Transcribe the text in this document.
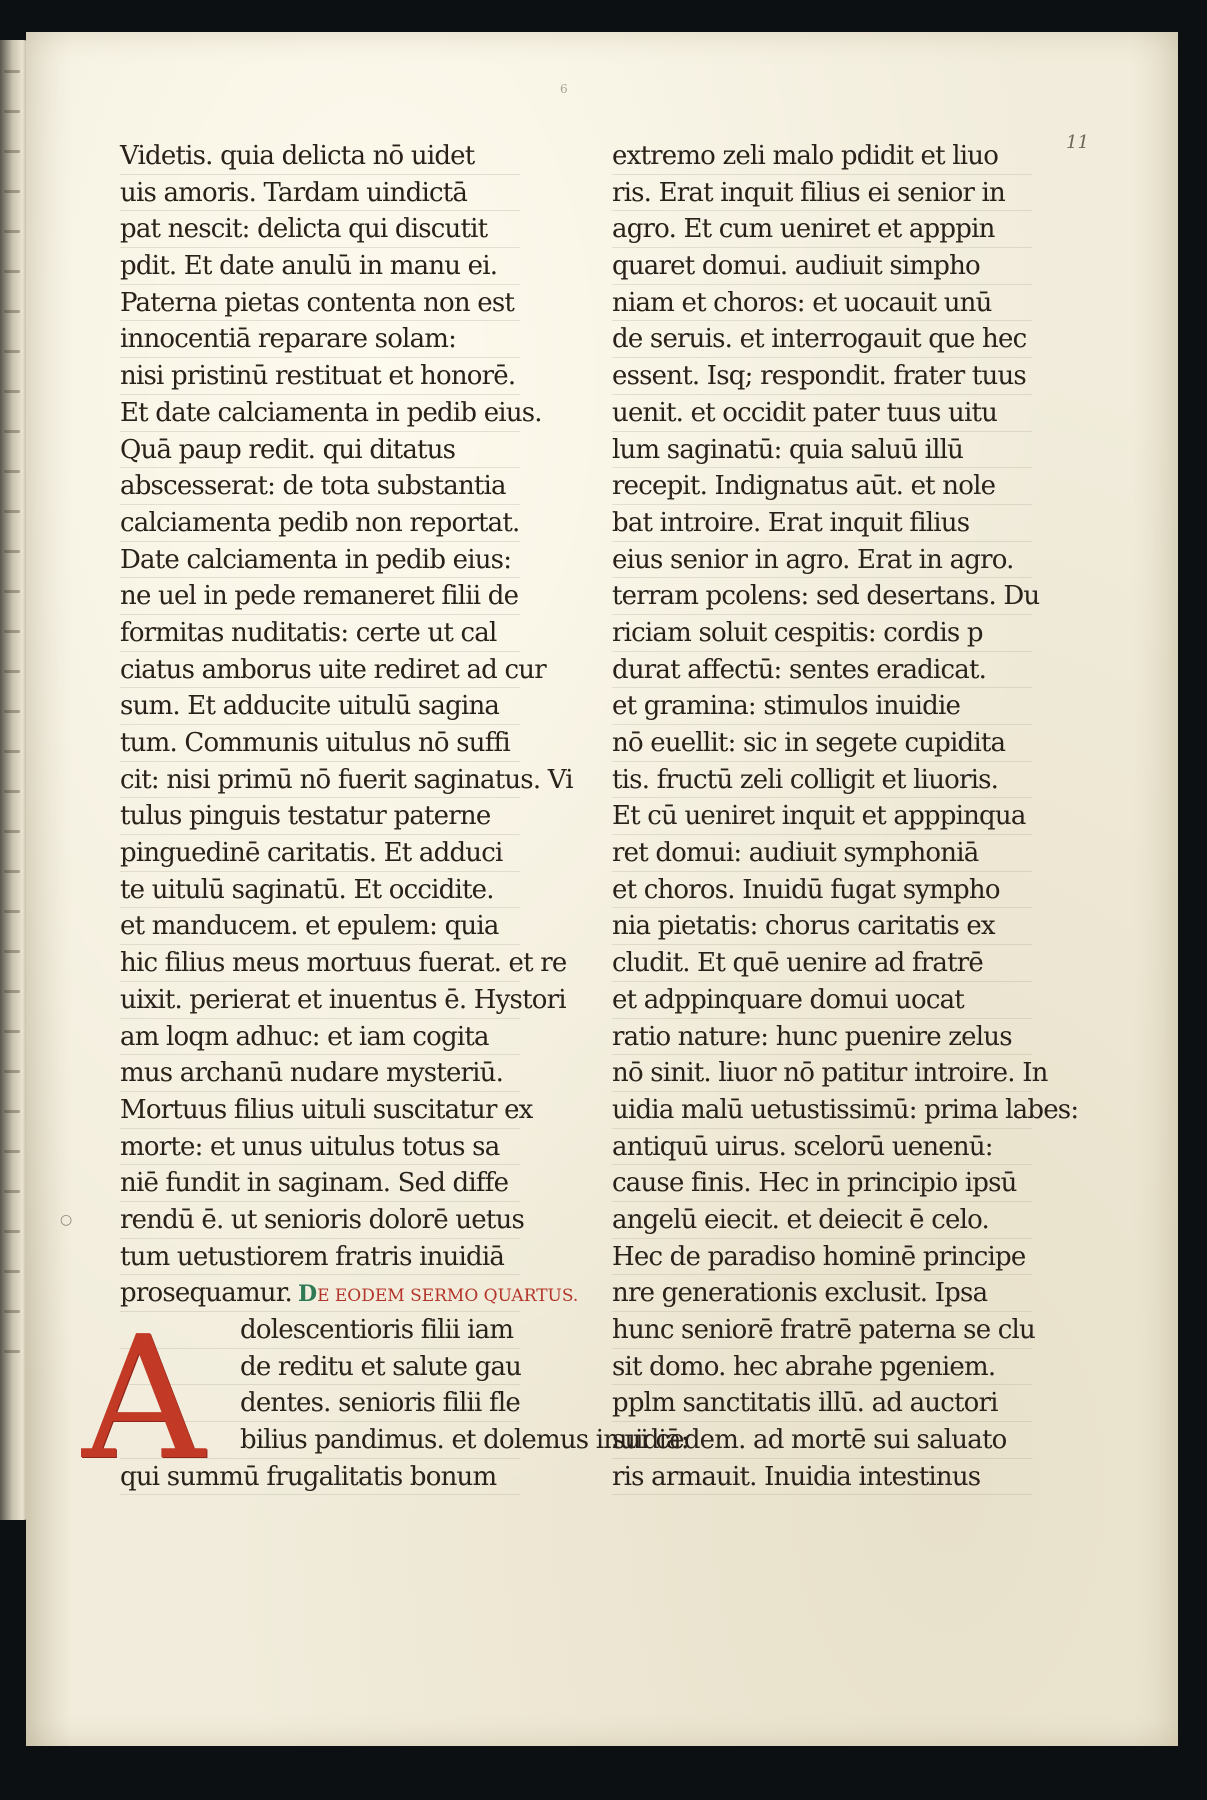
6
11
○
Videtis. quia delicta nō uidet
uis amoris. Tardam uindictā
pat nescit: delicta qui discutit
pdit. Et date anulū in manu ei.
Paterna pietas contenta non est
innocentiā reparare solam:
nisi pristinū restituat et honorē.
Et date calciamenta in pedib eius.
Quā paup redit. qui ditatus
abscesserat: de tota substantia
calciamenta pedib non reportat.
Date calciamenta in pedib eius:
ne uel in pede remaneret filii de
formitas nuditatis: certe ut cal
ciatus amborus uite rediret ad cur
sum. Et adducite uitulū sagina
tum. Communis uitulus nō suffi
cit: nisi primū nō fuerit saginatus. Vi
tulus pinguis testatur paterne
pinguedinē caritatis. Et adduci
te uitulū saginatū. Et occidite.
et manducem. et epulem: quia
hic filius meus mortuus fuerat. et re
uixit. perierat et inuentus ē. Hystori
am loqm adhuc: et iam cogita
mus archanū nudare mysteriū.
Mortuus filius uituli suscitatur ex
morte: et unus uitulus totus sa
niē fundit in saginam. Sed diffe
rendū ē. ut senioris dolorē uetus
tum uetustiorem fratris inuidiā
prosequamur. DE EODEM SERMO QUARTUS.
dolescentioris filii iam
de reditu et salute gau
dentes. senioris filii fle
bilius pandimus. et dolemus inuidiā:
qui summū frugalitatis bonum
A
extremo zeli malo pdidit et liuo
ris. Erat inquit filius ei senior in
agro. Et cum ueniret et apppin
quaret domui. audiuit simpho
niam et choros: et uocauit unū
de seruis. et interrogauit que hec
essent. Isq; respondit. frater tuus
uenit. et occidit pater tuus uitu
lum saginatū: quia saluū illū
recepit. Indignatus aūt. et nole
bat introire. Erat inquit filius
eius senior in agro. Erat in agro.
terram pcolens: sed desertans. Du
riciam soluit cespitis: cordis p
durat affectū: sentes eradicat.
et gramina: stimulos inuidie
nō euellit: sic in segete cupidita
tis. fructū zeli colligit et liuoris.
Et cū ueniret inquit et apppinqua
ret domui: audiuit symphoniā
et choros. Inuidū fugat sympho
nia pietatis: chorus caritatis ex
cludit. Et quē uenire ad fratrē
et adppinquare domui uocat
ratio nature: hunc puenire zelus
nō sinit. liuor nō patitur introire. In
uidia malū uetustissimū: prima labes:
antiquū uirus. scelorū uenenū:
cause finis. Hec in principio ipsū
angelū eiecit. et deiecit ē celo.
Hec de paradiso hominē principe
nre generationis exclusit. Ipsa
hunc seniorē fratrē paterna se clu
sit domo. hec abrahe pgeniem.
pplm sanctitatis illū. ad auctori
sui cedem. ad mortē sui saluato
ris armauit. Inuidia intestinus
